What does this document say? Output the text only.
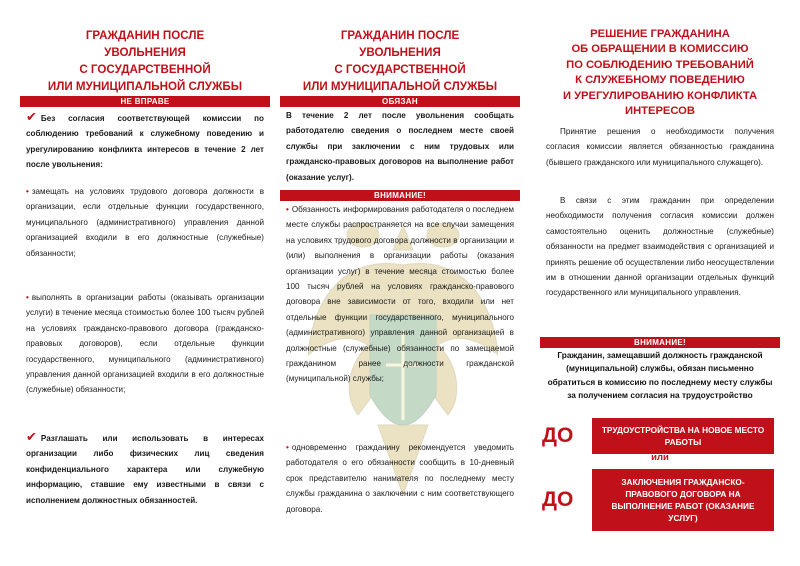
ГРАЖДАНИН ПОСЛЕ
УВОЛЬНЕНИЯ
С ГОСУДАРСТВЕННОЙ
ИЛИ МУНИЦИПАЛЬНОЙ СЛУЖБЫ
НЕ ВПРАВЕ

✔ Без согласия соответствующей комиссии по соблюдению требований к служебному поведению и урегулированию конфликта интересов в течение 2 лет после увольнения:

• замещать на условиях трудового договора должности в организации, если отдельные функции государственного, муниципального (административного) управления данной организацией входили в его должностные (служебные) обязанности;

• выполнять в организации работы (оказывать организации услуги) в течение месяца стоимостью более 100 тысяч рублей на условиях гражданско-правового договора (гражданско-правовых договоров), если отдельные функции государственного, муниципального (административного) управления данной организацией входили в его должностные (служебные) обязанности;

✔ Разглашать или использовать в интересах организации либо физических лиц сведения конфиденциального характера или служебную информацию, ставшие ему известными в связи с исполнением должностных обязанностей.

ГРАЖДАНИН ПОСЛЕ
УВОЛЬНЕНИЯ
С ГОСУДАРСТВЕННОЙ
ИЛИ МУНИЦИПАЛЬНОЙ СЛУЖБЫ
ОБЯЗАН

В течение 2 лет после увольнения сообщать работодателю сведения о последнем месте своей службы при заключении с ним трудовых или гражданско-правовых договоров на выполнение работ (оказание услуг).

ВНИМАНИЕ!

• Обязанность информирования работодателя о последнем месте службы распространяется на все случаи замещения на условиях трудового договора должности в организации и (или) выполнения в организации работы (оказания организации услуг) в течение месяца стоимостью более 100 тысяч рублей на условиях гражданско-правового договора вне зависимости от того, входили или нет отдельные функции государственного, муниципального (административного) управления данной организацией в должностные (служебные) обязанности по замещаемой гражданином ранее должности гражданской (муниципальной) службы;

• одновременно гражданину рекомендуется уведомить работодателя о его обязанности сообщить в 10-дневный срок представителю нанимателя по последнему месту службы гражданина о заключении с ним соответствующего договора.

РЕШЕНИЕ ГРАЖДАНИНА
ОБ ОБРАЩЕНИИ В КОМИССИЮ
ПО СОБЛЮДЕНИЮ ТРЕБОВАНИЙ
К СЛУЖЕБНОМУ ПОВЕДЕНИЮ
И УРЕГУЛИРОВАНИЮ КОНФЛИКТА
ИНТЕРЕСОВ

Принятие решения о необходимости получения согласия комиссии является обязанностью гражданина (бывшего гражданского или муниципального служащего).

В связи с этим гражданин при определении необходимости получения согласия комиссии должен самостоятельно оценить должностные (служебные) обязанности на предмет взаимодействия с организацией и принять решение об осуществлении либо неосуществлении им в отношении данной организации отдельных функций государственного или муниципального управления.

ВНИМАНИЕ!

Гражданин, замещавший должность гражданской (муниципальной) службы, обязан письменно обратиться в комиссию по последнему месту службы за получением согласия на трудоустройство

ДО	ТРУДОУСТРОЙСТВА НА НОВОЕ МЕСТО РАБОТЫ
или
ДО
ЗАКЛЮЧЕНИЯ ГРАЖДАНСКО-ПРАВОВОГО ДОГОВОРА НА ВЫПОЛНЕНИЕ РАБОТ (ОКАЗАНИЕ УСЛУГ)
